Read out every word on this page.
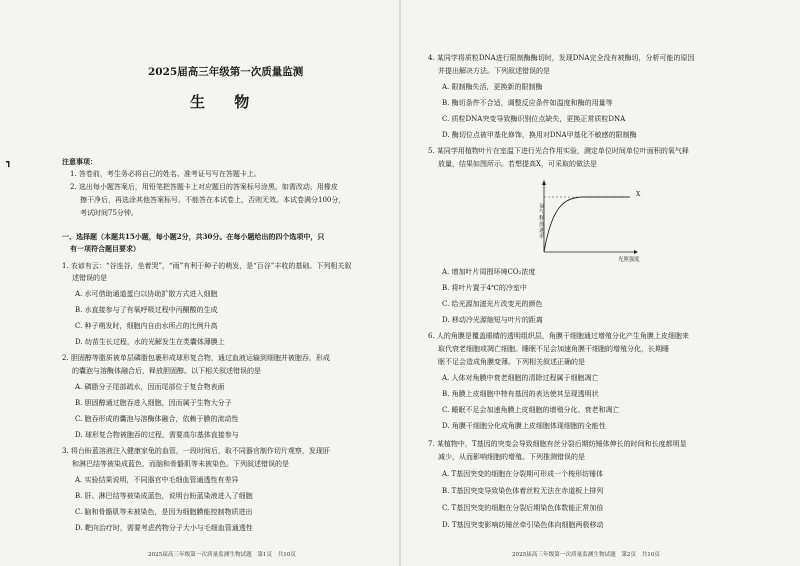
┓
2025届高三年级第一次质量监测
生 物
注意事项：
1. 答卷前，考生务必将自己的姓名、准考证号写在答题卡上。
2. 选出每小题答案后，用铅笔把答题卡上对应题目的答案标号涂黑。如需改动，用橡皮
擦干净后，再选涂其他答案标号。不能答在本试卷上，否则无效。本试卷满分100分，
考试时间75分钟。
一、选择题（本题共15小题，每小题2分，共30分。在每小题给出的四个选项中，只
有一项符合题目要求）
1. 农谚有云：“谷连谷，坐着哭”，“雨”有利于种子的萌发，是“百谷”丰收的基础。下列相关叙
述错误的是
A. 水可借助通道蛋白以协助扩散方式进入细胞
B. 水直接参与了有氧呼吸过程中丙酮酸的生成
C. 种子萌发时，细胞内自由水所占的比例升高
D. 幼苗生长过程，水的光解发生在类囊体薄膜上
2. 胆固醇等脂质被单层磷脂包裹形成球形复合物，通过血液运输到细胞并被胞吞，形成
的囊泡与溶酶体融合后，释放胆固醇。以下相关叙述错误的是
A. 磷脂分子尾部疏水，因而尾部位于复合物表面
B. 胆固醇通过胞吞进入细胞，因而属于生物大分子
C. 胞吞形成的囊泡与溶酶体融合，依赖于膜的流动性
D. 球形复合物被胞吞的过程，需要高尔基体直接参与
3. 将台盼蓝溶液注入健康家兔的血管，一段时间后，取不同器官制作切片观察，发现肝
和淋巴结等被染成蓝色，而脑和骨骼肌等未被染色。下列叙述错误的是
A. 实验结果说明，不同器官中毛细血管通透性有差异
B. 肝、淋巴结等被染成蓝色，说明台盼蓝染液进入了细胞
C. 脑和骨骼肌等未被染色，是因为细胞膜能控制物质进出
D. 靶向治疗时，需要考虑药物分子大小与毛细血管通透性
2025届高三年级第一次质量监测生物试题　第1页　共10页
4. 某同学将质粒DNA进行限制酶酶切时，发现DNA完全没有被酶切，分析可能的原因
并提出解决方法。下列叙述错误的是
A. 限制酶失活，更换新的限制酶
B. 酶切条件不合适，调整反应条件如温度和酶的用量等
C. 质粒DNA突变导致酶识别位点缺失，更换正常质粒DNA
D. 酶切位点被甲基化修饰，换用对DNA甲基化不敏感的限制酶
5. 某同学用植物叶片在室温下进行光合作用实验，测定单位时间单位叶面积的氧气释
放量，结果如图所示。若想提高X，可采取的做法是
氧气释放速率
X
光照强度
A. 增加叶片周围环境CO₂浓度
B. 将叶片置于4℃的冷室中
C. 给光源加滤光片改变光的颜色
D. 移动冷光源缩短与叶片的距离
6. 人的角膜是覆盖眼睛的透明组织层，角膜干细胞通过增殖分化产生角膜上皮细胞来
取代衰老细胞或凋亡细胞。睡眠不足会加速角膜干细胞的增殖分化，长期睡
眠不足会造成角膜变薄。下列相关叙述正确的是
A. 人体对角膜中衰老细胞的清除过程属于细胞凋亡
B. 角膜上皮细胞中特有基因的表达使其呈现透明状
C. 睡眠不足会加速角膜上皮细胞的增殖分化、衰老和凋亡
D. 角膜干细胞分化成角膜上皮细胞体现细胞的全能性
7. 某植物中，T基因的突变会导致细胞有丝分裂后期纺锤体伸长的时间和长度都明显
减少，从而影响细胞的增殖。下列推测错误的是
A. T基因突变的细胞在分裂期可形成一个梭形纺锤体
B. T基因突变导致染色体着丝粒无法在赤道板上排列
C. T基因突变的细胞在分裂后期染色体数能正常加倍
D. T基因突变影响纺锤丝牵引染色体向细胞两极移动
2025届高三年级第一次质量监测生物试题　第2页　共10页
